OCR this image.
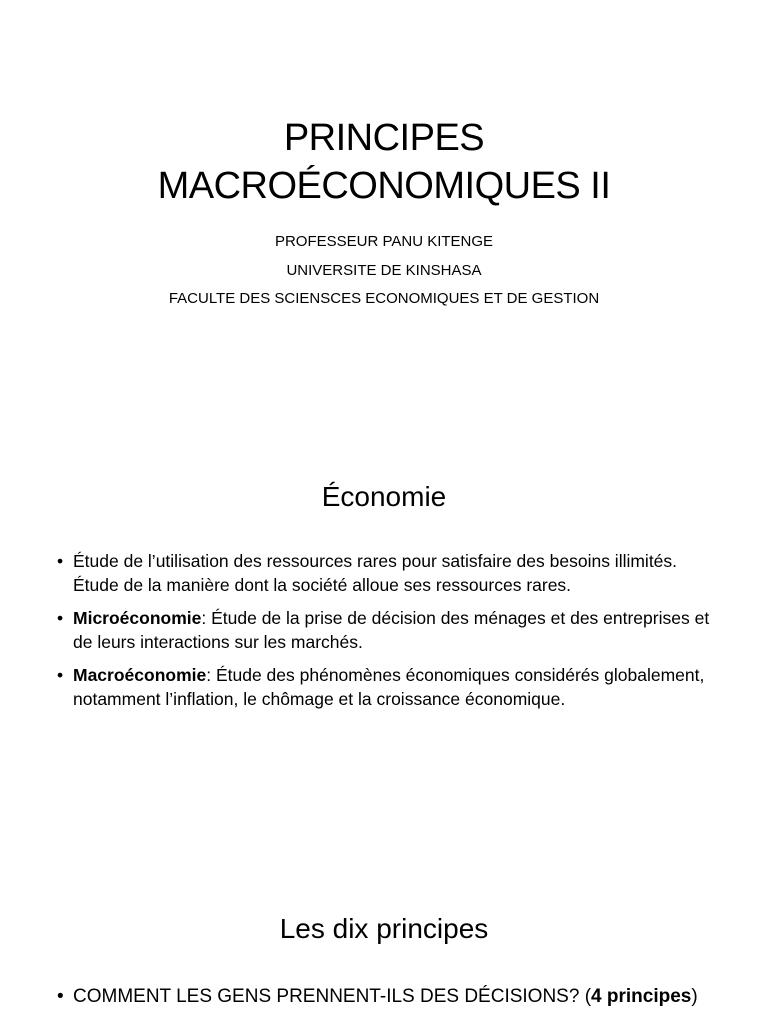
PRINCIPES
MACROÉCONOMIQUES II
PROFESSEUR PANU KITENGE
UNIVERSITE DE KINSHASA
FACULTE DES SCIENSCES ECONOMIQUES ET DE GESTION
Économie
• Étude de l’utilisation des ressources rares pour satisfaire des besoins illimités. Étude de la manière dont la société alloue ses ressources rares.
• Microéconomie: Étude de la prise de décision des ménages et des entreprises et de leurs interactions sur les marchés.
• Macroéconomie: Étude des phénomènes économiques considérés globalement, notamment l’inflation, le chômage et la croissance économique.
Les dix principes
• COMMENT LES GENS PRENNENT-ILS DES DÉCISIONS? (4 principes)
